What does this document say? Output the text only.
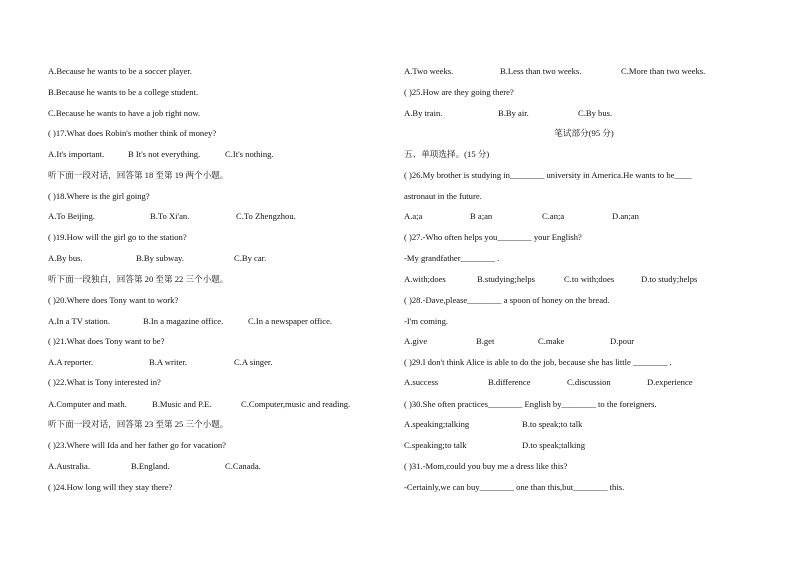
A.Because he wants to be a soccer player.
B.Because he wants to be a college student.
C.Because he wants to have a job right now.
( )17.What does Robin's mother think of money?
A.It's important.	B It's not everything.	C.It's nothing.
听下面一段对话，回答第 18 至第 19 两个小题。
( )18.Where is the girl going?
A.To Beijing.	B.To Xi'an.	C.To Zhengzhou.
( )19.How will the girl go to the station?
A.By bus.	B.By subway.	C.By car.
听下面一段独白，回答第 20 至第 22 三个小题。
( )20.Where does Tony want to work?
A.In a TV station.	B.In a magazine office.	C.In a newspaper office.
( )21.What does Tony want to be?
A.A reporter.	B.A writer.	C.A singer.
( )22.What is Tony interested in?
A.Computer and math.	B.Music and P.E.	C.Computer,music and reading.
听下面一段对话，回答第 23 至第 25 三个小题。
( )23.Where will Ida and her father go for vacation?
A.Australia.	B.England.	C.Canada.
( )24.How long will they stay there?
A.Two weeks.	B.Less than two weeks.	C.More than two weeks.
( )25.How are they going there?
A.By train.	B.By air.	C.By bus.
笔试部分(95 分)
五、单项选择。(15 分)
( )26.My brother is studying in________ university in America.He wants to be____
astronaut in the future.
A.a;a	B a;an	C.an;a	D.an;an
( )27.-Who often helps you________ your English?
-My grandfather________ .
A.with;does	B.studying;helps	C.to with;does	D.to study;helps
( )28.-Dave,please________ a spoon of honey on the bread.
-I'm coming.
A.give	B.get	C.make	D.pour
( )29.I don't think Alice is able to do the job, because she has little ________ .
A.success	B.difference	C.discussion	D.experience
( )30.She often practices________ English by________ to the foreigners.
A.speaking;talking	B.to speak;to talk
C.speaking;to talk	D.to speak;talking
( )31.-Mom,could you buy me a dress like this?
-Certainly,we can buy________ one than this,but________ this.
